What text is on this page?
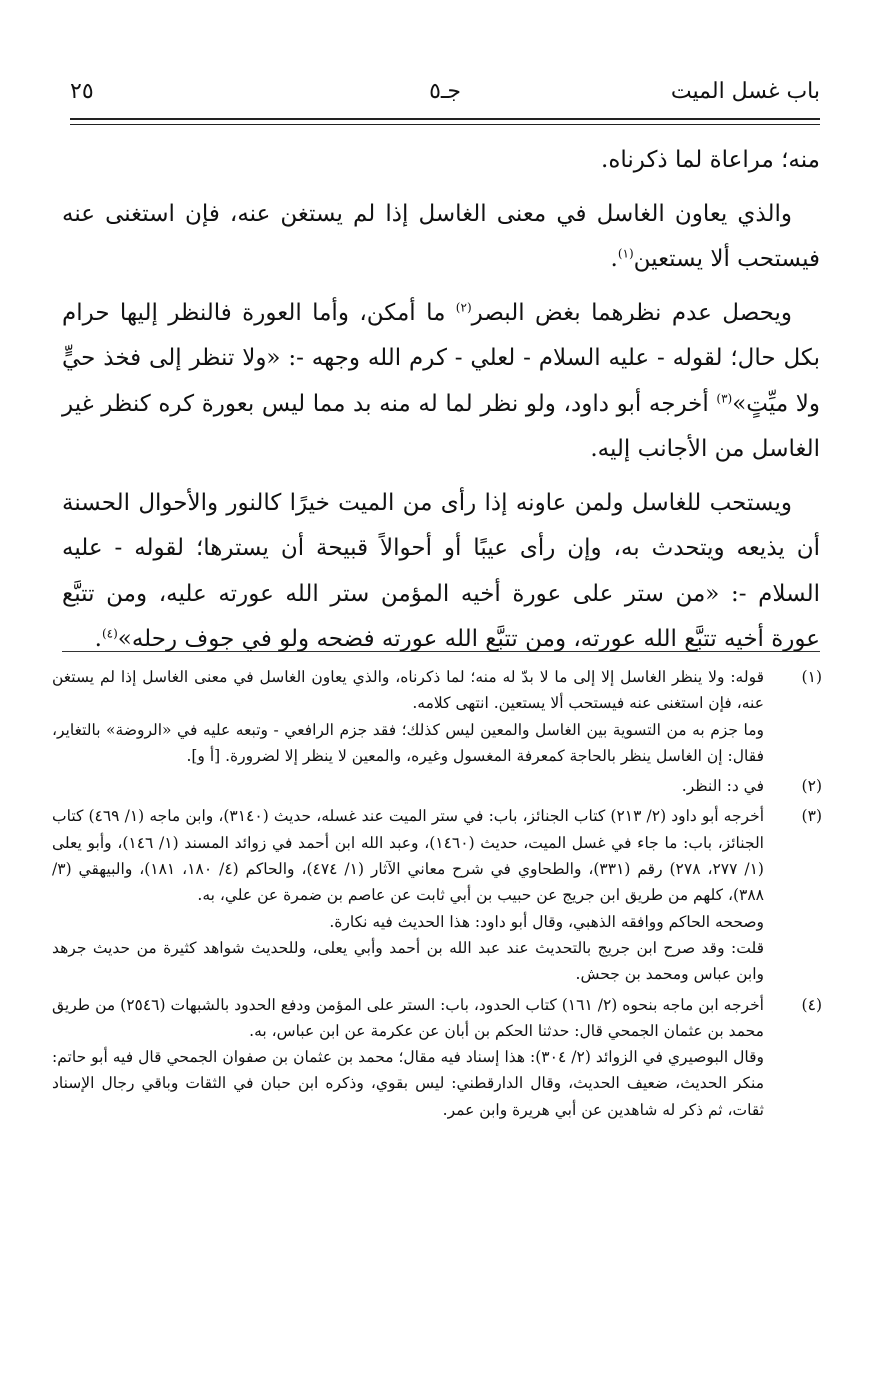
باب غسل الميت
جـ٥
٢٥

منه؛ مراعاة لما ذكرناه.

والذي يعاون الغاسل في معنى الغاسل إذا لم يستغن عنه، فإن استغنى عنه فيستحب ألا يستعين$^{(١)}$.

ويحصل عدم نظرهما بغض البصر$^{(٢)}$ ما أمكن، وأما العورة فالنظر إليها حرام بكل حال؛ لقوله - عليه السلام - لعلي - كرم الله وجهه -: «ولا تنظر إلى فخذ حيٍّ ولا ميِّتٍ»$^{(٣)}$ أخرجه أبو داود، ولو نظر لما له منه بد مما ليس بعورة كره كنظر غير الغاسل من الأجانب إليه.

ويستحب للغاسل ولمن عاونه إذا رأى من الميت خيرًا كالنور والأحوال الحسنة أن يذيعه ويتحدث به، وإن رأى عيبًا أو أحوالاً قبيحة أن يسترها؛ لقوله - عليه السلام -: «من ستر على عورة أخيه المؤمن ستر الله عورته عليه، ومن تتبَّع عورة أخيه تتبَّع الله عورته، ومن تتبَّع الله عورته فضحه ولو في جوف رحله»$^{(٤)}$.

(١)
قوله: ولا ينظر الغاسل إلا إلى ما لا بدّ له منه؛ لما ذكرناه، والذي يعاون الغاسل في معنى الغاسل إذا لم يستغن عنه، فإن استغنى عنه فيستحب ألا يستعين. انتهى كلامه.
وما جزم به من التسوية بين الغاسل والمعين ليس كذلك؛ فقد جزم الرافعي - وتبعه عليه في «الروضة» بالتغاير، فقال: إن الغاسل ينظر بالحاجة كمعرفة المغسول وغيره، والمعين لا ينظر إلا لضرورة. [أ و].
(٢)
في د: النظر.
(٣)
أخرجه أبو داود (٢/ ٢١٣) كتاب الجنائز، باب: في ستر الميت عند غسله، حديث (٣١٤٠)، وابن ماجه (١/ ٤٦٩) كتاب الجنائز، باب: ما جاء في غسل الميت، حديث (١٤٦٠)، وعبد الله ابن أحمد في زوائد المسند (١/ ١٤٦)، وأبو يعلى (١/ ٢٧٧، ٢٧٨) رقم (٣٣١)، والطحاوي في شرح معاني الآثار (١/ ٤٧٤)، والحاكم (٤/ ١٨٠، ١٨١)، والبيهقي (٣/ ٣٨٨)، كلهم من طريق ابن جريج عن حبيب بن أبي ثابت عن عاصم بن ضمرة عن علي، به.
وصححه الحاكم ووافقه الذهبي، وقال أبو داود: هذا الحديث فيه نكارة.
قلت: وقد صرح ابن جريج بالتحديث عند عبد الله بن أحمد وأبي يعلى، وللحديث شواهد كثيرة من حديث جرهد وابن عباس ومحمد بن جحش.
(٤)
أخرجه ابن ماجه بنحوه (٢/ ١٦١) كتاب الحدود، باب: الستر على المؤمن ودفع الحدود بالشبهات (٢٥٤٦) من طريق محمد بن عثمان الجمحي قال: حدثنا الحكم بن أبان عن عكرمة عن ابن عباس، به.
وقال البوصيري في الزوائد (٢/ ٣٠٤): هذا إسناد فيه مقال؛ محمد بن عثمان بن صفوان الجمحي قال فيه أبو حاتم: منكر الحديث، ضعيف الحديث، وقال الدارقطني: ليس بقوي، وذكره ابن حبان في الثقات وباقي رجال الإسناد ثقات، ثم ذكر له شاهدين عن أبي هريرة وابن عمر.
